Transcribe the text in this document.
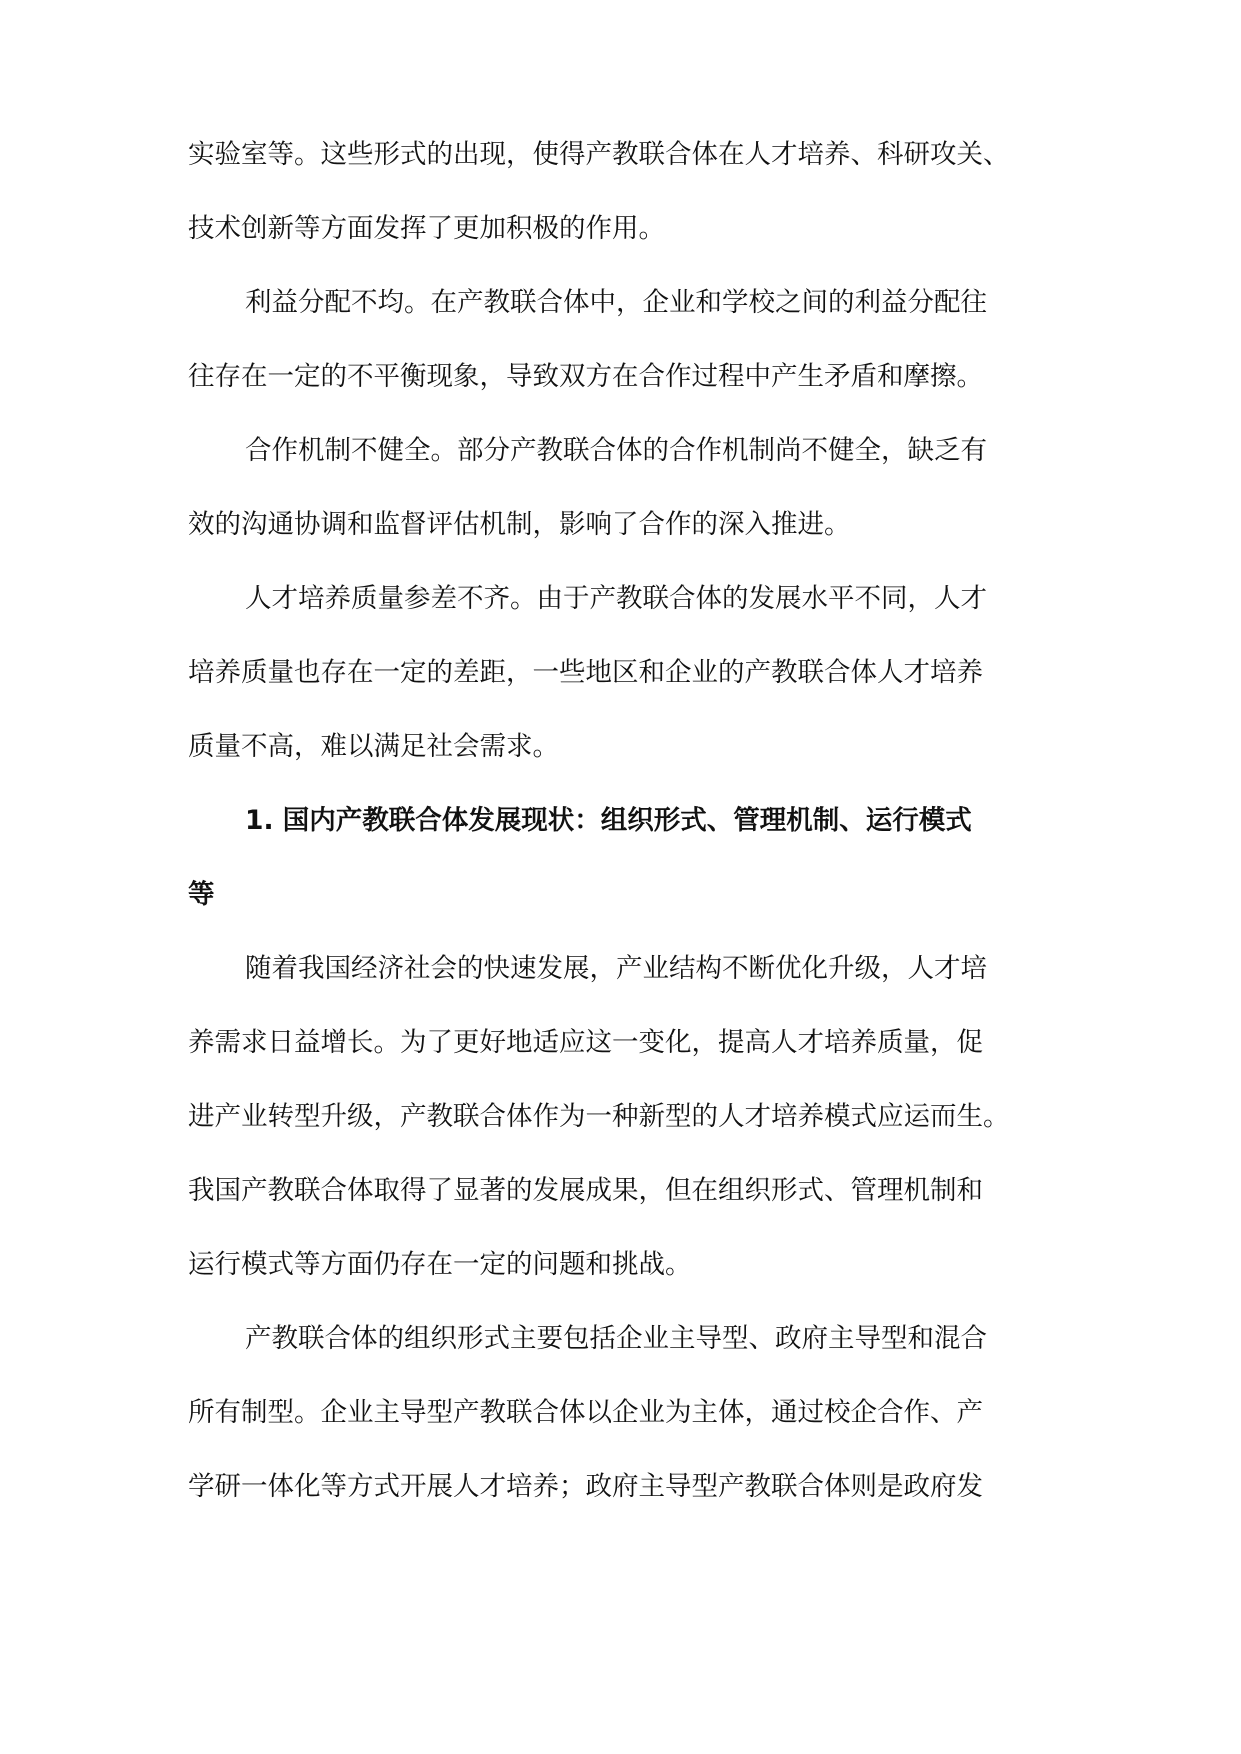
实验室等。这些形式的出现，使得产教联合体在人才培养、科研攻关、
技术创新等方面发挥了更加积极的作用。
利益分配不均。在产教联合体中，企业和学校之间的利益分配往
往存在一定的不平衡现象，导致双方在合作过程中产生矛盾和摩擦。
合作机制不健全。部分产教联合体的合作机制尚不健全，缺乏有
效的沟通协调和监督评估机制，影响了合作的深入推进。
人才培养质量参差不齐。由于产教联合体的发展水平不同，人才
培养质量也存在一定的差距，一些地区和企业的产教联合体人才培养
质量不高，难以满足社会需求。
1. 国内产教联合体发展现状：组织形式、管理机制、运行模式
等
随着我国经济社会的快速发展，产业结构不断优化升级，人才培
养需求日益增长。为了更好地适应这一变化，提高人才培养质量，促
进产业转型升级，产教联合体作为一种新型的人才培养模式应运而生。
我国产教联合体取得了显著的发展成果，但在组织形式、管理机制和
运行模式等方面仍存在一定的问题和挑战。
产教联合体的组织形式主要包括企业主导型、政府主导型和混合
所有制型。企业主导型产教联合体以企业为主体，通过校企合作、产
学研一体化等方式开展人才培养；政府主导型产教联合体则是政府发
